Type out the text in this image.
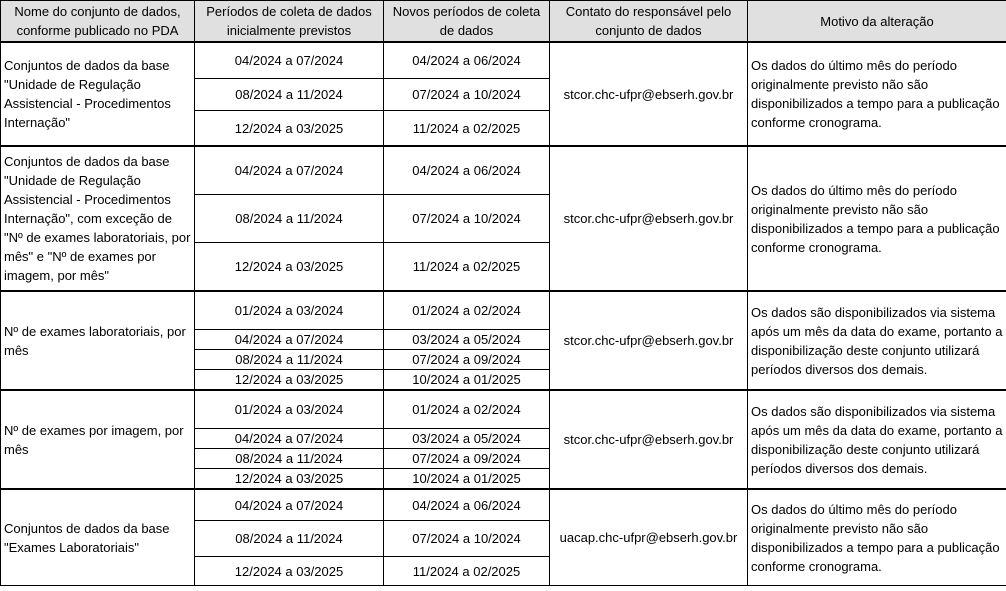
Nome do conjunto de dados, conforme publicado no PDA	Períodos de coleta de dados inicialmente previstos	Novos períodos de coleta de dados	Contato do responsável pelo conjunto de dados	Motivo da alteração
Conjuntos de dados da base "Unidade de Regulação Assistencial - Procedimentos Internação"	04/2024 a 07/2024	04/2024 a 06/2024	stcor.chc-ufpr@ebserh.gov.br	Os dados do último mês do período originalmente previsto não são disponibilizados a tempo para a publicação conforme cronograma.
	08/2024 a 11/2024	07/2024 a 10/2024		
	12/2024 a 03/2025	11/2024 a 02/2025		
Conjuntos de dados da base "Unidade de Regulação Assistencial - Procedimentos Internação", com exceção de "Nº de exames laboratoriais, por mês" e "Nº de exames por imagem, por mês"	04/2024 a 07/2024	04/2024 a 06/2024	stcor.chc-ufpr@ebserh.gov.br	Os dados do último mês do período originalmente previsto não são disponibilizados a tempo para a publicação conforme cronograma.
	08/2024 a 11/2024	07/2024 a 10/2024		
	12/2024 a 03/2025	11/2024 a 02/2025		
Nº de exames laboratoriais, por mês	01/2024 a 03/2024	01/2024 a 02/2024	stcor.chc-ufpr@ebserh.gov.br	Os dados são disponibilizados via sistema após um mês da data do exame, portanto a disponibilização deste conjunto utilizará períodos diversos dos demais.
	04/2024 a 07/2024	03/2024 a 05/2024		
	08/2024 a 11/2024	07/2024 a 09/2024		
	12/2024 a 03/2025	10/2024 a 01/2025		
Nº de exames por imagem, por mês	01/2024 a 03/2024	01/2024 a 02/2024	stcor.chc-ufpr@ebserh.gov.br	Os dados são disponibilizados via sistema após um mês da data do exame, portanto a disponibilização deste conjunto utilizará períodos diversos dos demais.
	04/2024 a 07/2024	03/2024 a 05/2024		
	08/2024 a 11/2024	07/2024 a 09/2024		
	12/2024 a 03/2025	10/2024 a 01/2025		
Conjuntos de dados da base "Exames Laboratoriais"	04/2024 a 07/2024	04/2024 a 06/2024	uacap.chc-ufpr@ebserh.gov.br	Os dados do último mês do período originalmente previsto não são disponibilizados a tempo para a publicação conforme cronograma.
	08/2024 a 11/2024	07/2024 a 10/2024		
	12/2024 a 03/2025	11/2024 a 02/2025		
